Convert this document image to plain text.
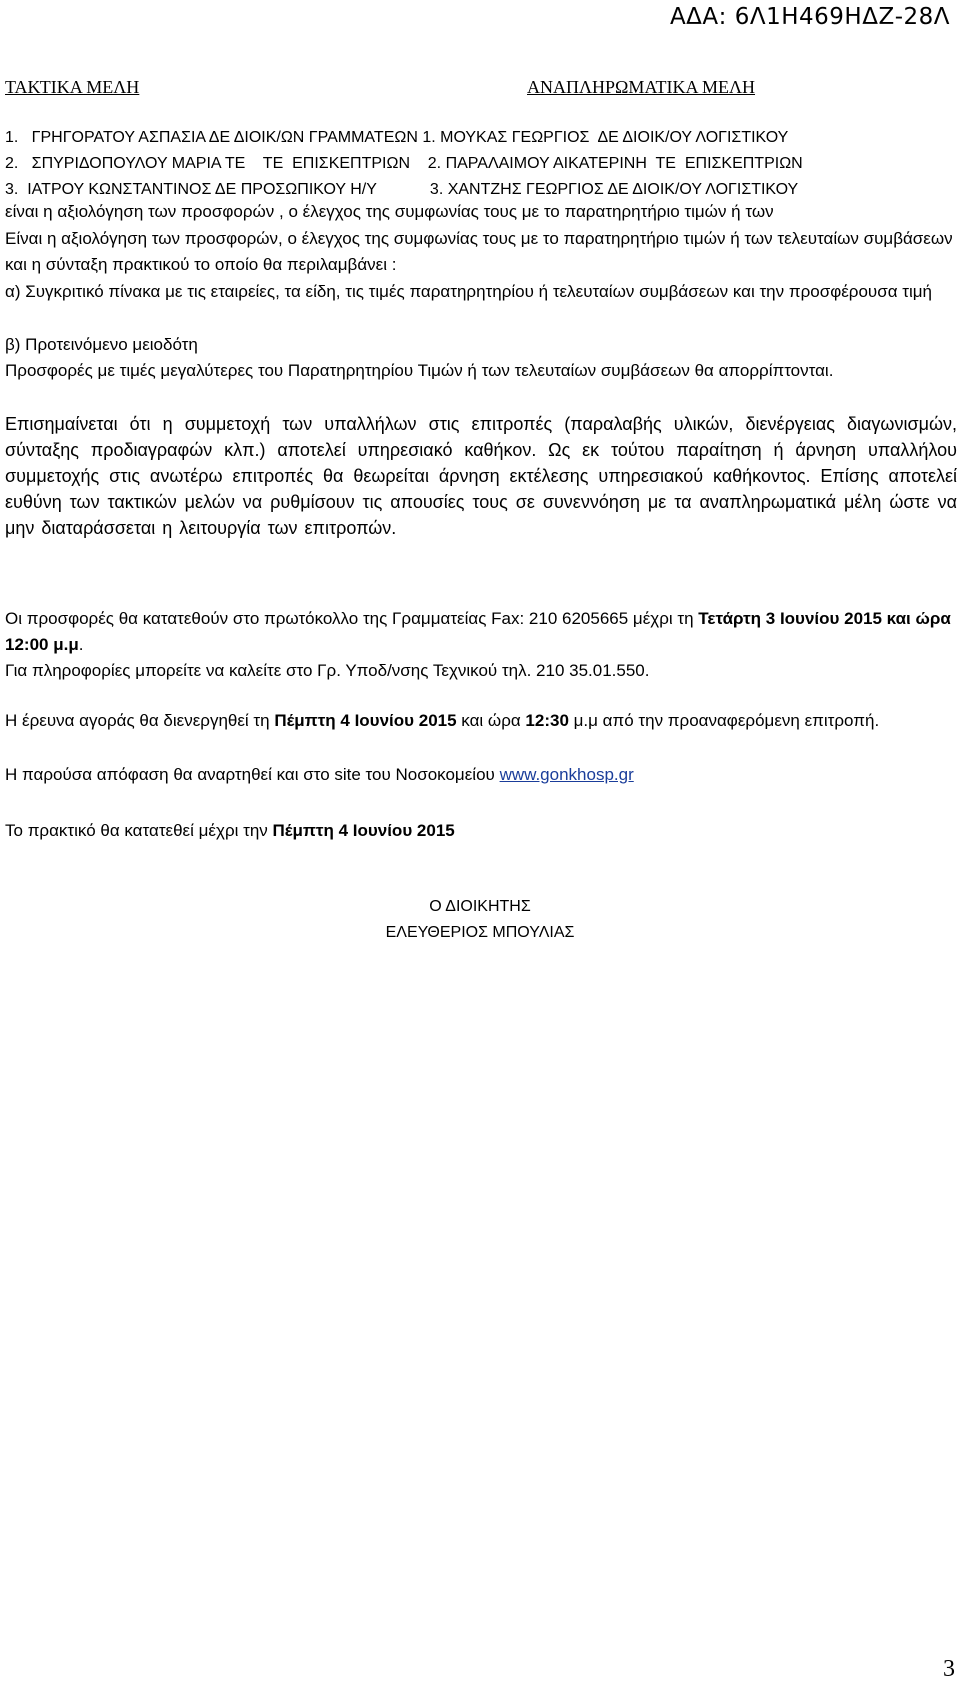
ΑΔΑ: 6Λ1Η469ΗΔΖ-28Λ
ΤΑΚΤΙΚΑ ΜΕΛΗ	ΑΝΑΠΛΗΡΩΜΑΤΙΚΑ ΜΕΛΗ
1.   ΓΡΗΓΟΡΑΤΟΥ ΑΣΠΑΣΙΑ ΔΕ ΔΙΟΙΚ/ΩΝ ΓΡΑΜΜΑΤΕΩΝ 1. ΜΟΥΚΑΣ ΓΕΩΡΓΙΟΣ  ΔΕ ΔΙΟΙΚ/ΟΥ ΛΟΓΙΣΤΙΚΟΥ
2.   ΣΠΥΡΙΔΟΠΟΥΛΟΥ ΜΑΡΙΑ ΤΕ    ΤΕ  ΕΠΙΣΚΕΠΤΡΙΩΝ    2. ΠΑΡΑΛΑΙΜΟΥ ΑΙΚΑΤΕΡΙΝΗ  ΤΕ  ΕΠΙΣΚΕΠΤΡΙΩΝ
3.  ΙΑΤΡΟΥ ΚΩΝΣΤΑΝΤΙΝΟΣ ΔΕ ΠΡΟΣΩΠΙΚΟΥ Η/Υ            3. ΧΑΝΤΖΗΣ ΓΕΩΡΓΙΟΣ ΔΕ ΔΙΟΙΚ/ΟΥ ΛΟΓΙΣΤΙΚΟΥ
είναι η αξιολόγηση των προσφορών , ο έλεγχος της συμφωνίας τους με το παρατηρητήριο τιμών ή των
Είναι η αξιολόγηση των προσφορών, ο έλεγχος της συμφωνίας τους με το παρατηρητήριο τιμών ή των τελευταίων συμβάσεων και η σύνταξη πρακτικού το οποίο θα περιλαμβάνει :
α) Συγκριτικό πίνακα με τις εταιρείες, τα είδη, τις τιμές παρατηρητηρίου ή τελευταίων συμβάσεων και την προσφέρουσα τιμή
β) Προτεινόμενο μειοδότη
Προσφορές με τιμές μεγαλύτερες του Παρατηρητηρίου Τιμών ή των τελευταίων συμβάσεων θα απορρίπτονται.
Επισημαίνεται ότι η συμμετοχή των υπαλλήλων στις επιτροπές (παραλαβής υλικών, διενέργειας διαγωνισμών, σύνταξης προδιαγραφών κλπ.) αποτελεί υπηρεσιακό καθήκον. Ως εκ τούτου παραίτηση ή άρνηση υπαλλήλου συμμετοχής στις ανωτέρω επιτροπές θα θεωρείται άρνηση εκτέλεσης υπηρεσιακού καθήκοντος. Επίσης αποτελεί ευθύνη των τακτικών μελών να ρυθμίσουν τις απουσίες τους σε συνεννόηση με τα αναπληρωματικά μέλη ώστε να μην διαταράσσεται η λειτουργία των επιτροπών.
Οι προσφορές θα κατατεθούν στο πρωτόκολλο της Γραμματείας Fax: 210 6205665 μέχρι τη Τετάρτη 3 Ιουνίου 2015 και ώρα 12:00 μ.μ.
Για πληροφορίες μπορείτε να καλείτε στο Γρ. Υποδ/νσης Τεχνικού τηλ. 210 35.01.550.
Η έρευνα αγοράς θα διενεργηθεί τη Πέμπτη 4 Ιουνίου 2015 και ώρα 12:30 μ.μ από την προαναφερόμενη επιτροπή.
Η παρούσα απόφαση θα αναρτηθεί και στο site του Νοσοκομείου www.gonkhosp.gr
Το πρακτικό θα κατατεθεί μέχρι την Πέμπτη 4 Ιουνίου 2015
Ο ΔΙΟΙΚΗΤΗΣ
ΕΛΕΥΘΕΡΙΟΣ ΜΠΟΥΛΙΑΣ
3
